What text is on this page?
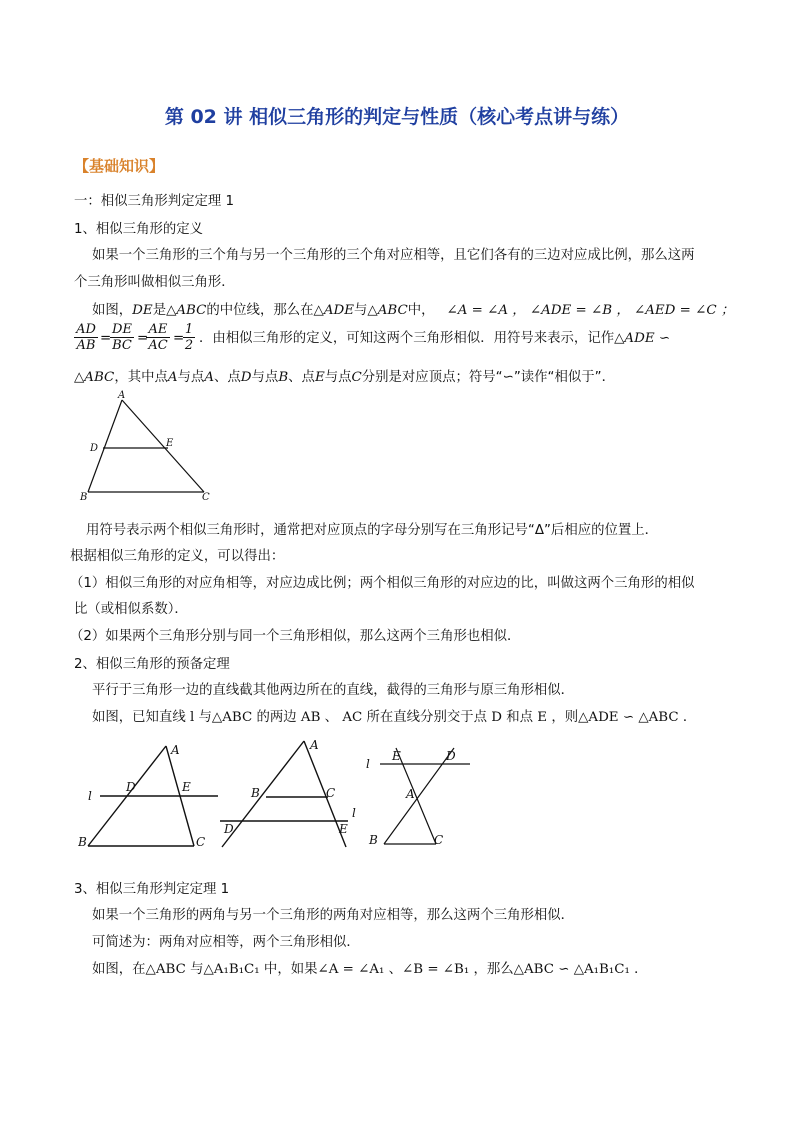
第 02 讲 相似三角形的判定与性质（核心考点讲与练）
【基础知识】
一：相似三角形判定定理 1
1、相似三角形的定义
如果一个三角形的三个角与另一个三角形的三个角对应相等，且它们各有的三边对应成比例，那么这两
个三角形叫做相似三角形．
如图，DE是△ABC的中位线，那么在△ADE与△ABC中， ∠A = ∠A ， ∠ADE = ∠B ， ∠AED = ∠C ；
$\frac{AD}{AB}$ =
$\frac{DE}{BC}$ =
$\frac{AE}{AC}$ =
$\frac{1}{2}$ ．由相似三角形的定义，可知这两个三角形相似．用符号来表示，记作△ADE ∽
△ABC，其中点A与点A、点D与点B、点E与点C分别是对应顶点；符号“∽”读作“相似于”．
A
D	E
B	C
用符号表示两个相似三角形时，通常把对应顶点的字母分别写在三角形记号“Δ”后相应的位置上．
根据相似三角形的定义，可以得出：
（1）相似三角形的对应角相等，对应边成比例；两个相似三角形的对应边的比，叫做这两个三角形的相似
比（或相似系数）．
（2）如果两个三角形分别与同一个三角形相似，那么这两个三角形也相似．
2、相似三角形的预备定理
平行于三角形一边的直线截其他两边所在的直线，截得的三角形与原三角形相似．
如图，已知直线 l 与△ABC 的两边 AB 、 AC 所在直线分别交于点 D 和点 E ，则△ADE ∽ △ABC ．
A
D	E
l
B	C
A
B	C
l
D	E
l
E	D
A
B	C
3、相似三角形判定定理 1
如果一个三角形的两角与另一个三角形的两角对应相等，那么这两个三角形相似．
可简述为：两角对应相等，两个三角形相似．
如图，在△ABC 与△A₁B₁C₁ 中，如果∠A = ∠A₁ 、∠B = ∠B₁ ，那么△ABC ∽ △A₁B₁C₁ ．
